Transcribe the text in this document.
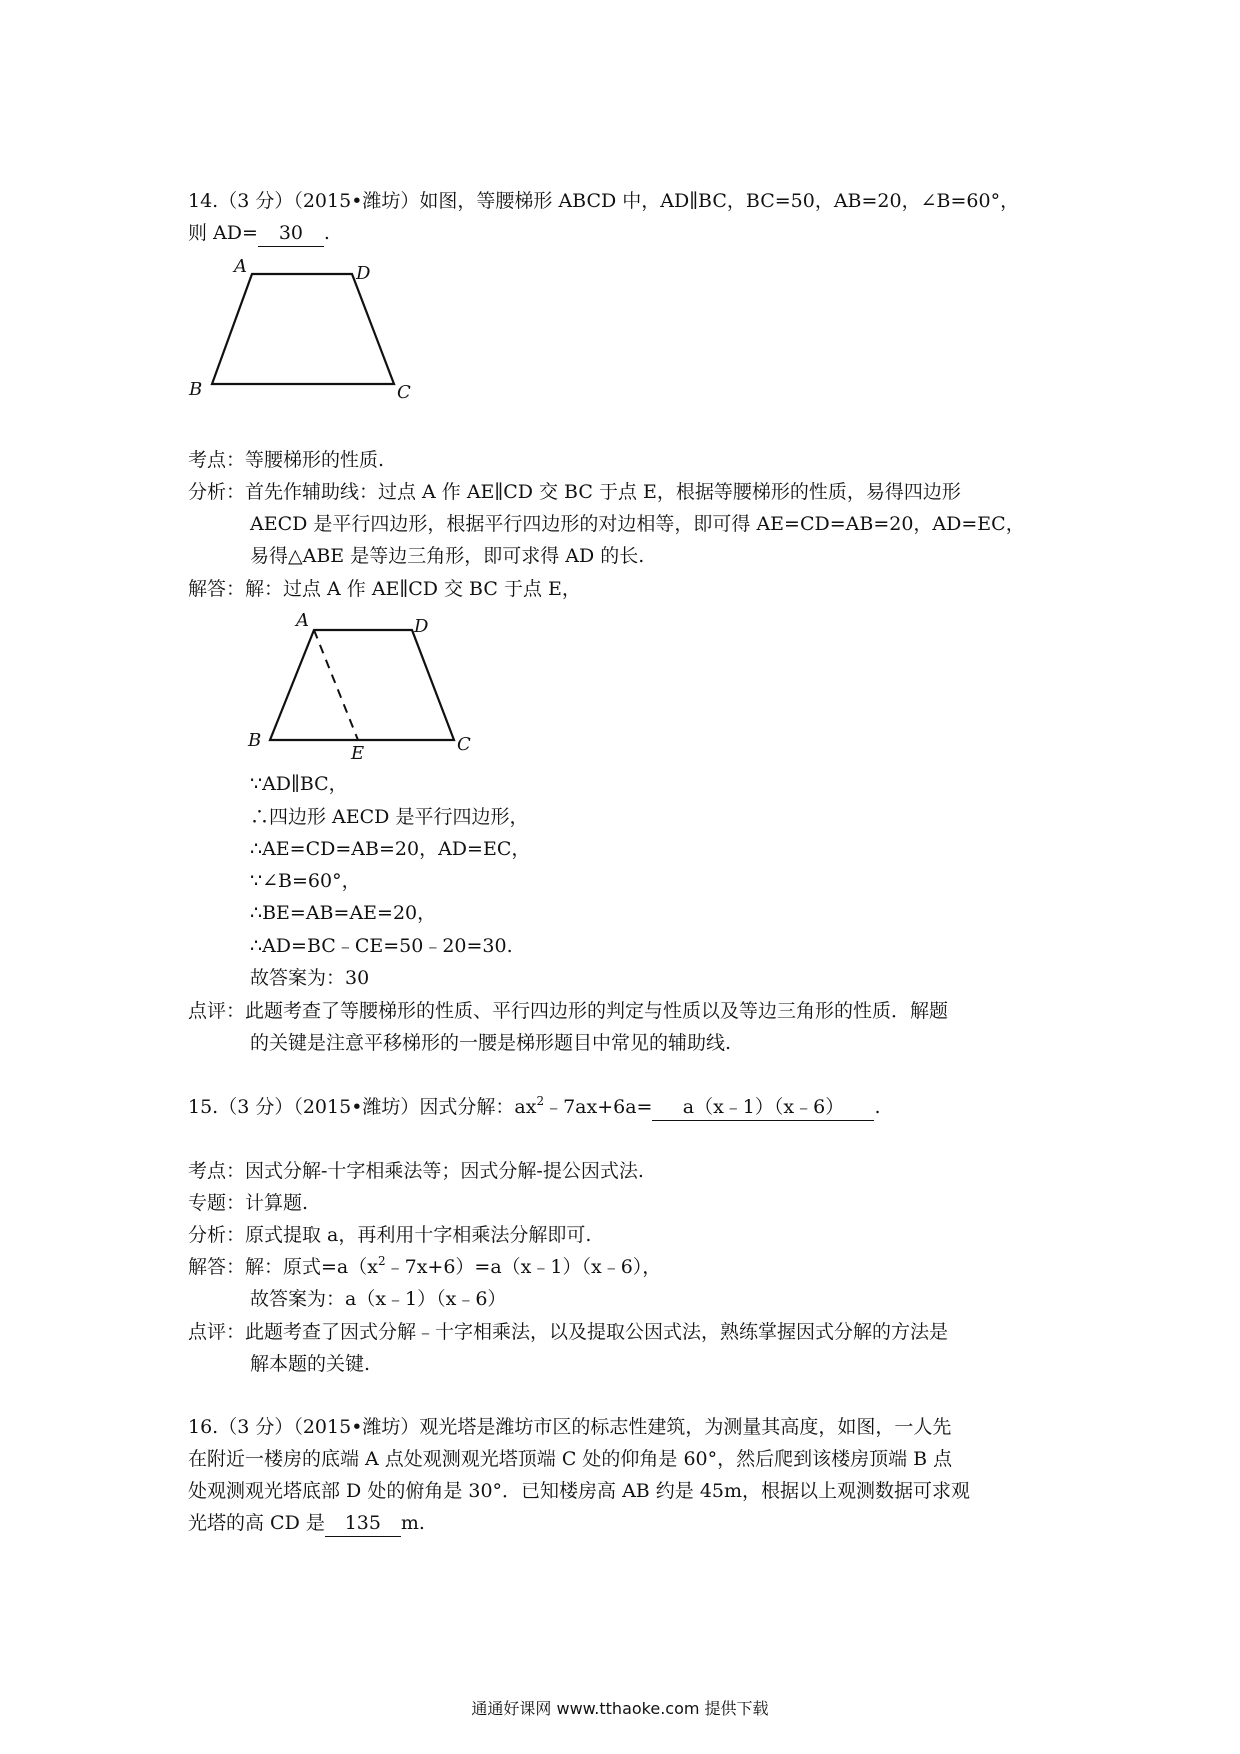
14.（3 分）（2015•潍坊）如图，等腰梯形 ABCD 中，AD∥BC，BC=50，AB=20，∠B=60°，
则 AD= 30 .
A	D
B	C
考点：等腰梯形的性质.
分析：首先作辅助线：过点 A 作 AE∥CD 交 BC 于点 E，根据等腰梯形的性质，易得四边形
AECD 是平行四边形，根据平行四边形的对边相等，即可得 AE=CD=AB=20，AD=EC，
易得△ABE 是等边三角形，即可求得 AD 的长.
解答：解：过点 A 作 AE∥CD 交 BC 于点 E，
A	D
B
E	C
∵AD∥BC，
∴四边形 AECD 是平行四边形，
∴AE=CD=AB=20，AD=EC，
∵∠B=60°，
∴BE=AB=AE=20，
∴AD=BC﹣CE=50﹣20=30.
故答案为：30
点评：此题考查了等腰梯形的性质、平行四边形的判定与性质以及等边三角形的性质．解题
的关键是注意平移梯形的一腰是梯形题目中常见的辅助线.
15.（3 分）（2015•潍坊）因式分解：$ax^2﹣7ax+6a=$ a（x﹣1）（x﹣6） .
考点：因式分解-十字相乘法等；因式分解-提公因式法.
专题：计算题.
分析：原式提取 a，再利用十字相乘法分解即可.
解答：解：原式$=a(x^2﹣7x+6)=a(x﹣1)(x﹣6)$，
故答案为：a（x﹣1）（x﹣6）
点评：此题考查了因式分解﹣十字相乘法，以及提取公因式法，熟练掌握因式分解的方法是
解本题的关键.
16.（3 分）（2015•潍坊）观光塔是潍坊市区的标志性建筑，为测量其高度，如图，一人先
在附近一楼房的底端 A 点处观测观光塔顶端 C 处的仰角是 60°，然后爬到该楼房顶端 B 点
处观测观光塔底部 D 处的俯角是 30°．已知楼房高 AB 约是 45m，根据以上观测数据可求观
光塔的高 CD 是 135 m.
通通好课网 www.tthaoke.com 提供下载
